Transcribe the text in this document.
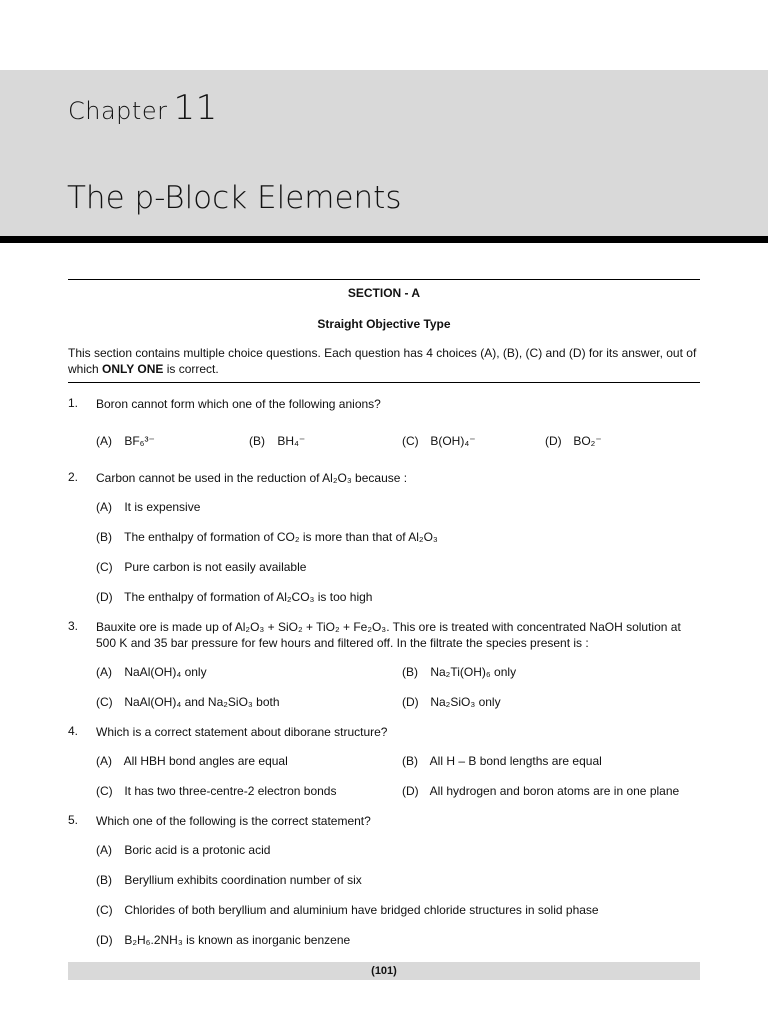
Chapter 11
The p-Block Elements
SECTION - A
Straight Objective Type
This section contains multiple choice questions. Each question has 4 choices (A), (B), (C) and (D) for its answer, out of which ONLY ONE is correct.
1. Boron cannot form which one of the following anions?
(A) BF₆³⁻	(B) BH₄⁻	(C) B(OH)₄⁻	(D) BO₂⁻
2. Carbon cannot be used in the reduction of Al₂O₃ because :
(A) It is expensive
(B) The enthalpy of formation of CO₂ is more than that of Al₂O₃
(C) Pure carbon is not easily available
(D) The enthalpy of formation of Al₂CO₃ is too high
3. Bauxite ore is made up of Al₂O₃ + SiO₂ + TiO₂ + Fe₂O₃. This ore is treated with concentrated NaOH solution at 500 K and 35 bar pressure for few hours and filtered off. In the filtrate the species present is :
(A) NaAl(OH)₄ only	(B) Na₂Ti(OH)₆ only
(C) NaAl(OH)₄ and Na₂SiO₃ both	(D) Na₂SiO₃ only
4. Which is a correct statement about diborane structure?
(A) All HBH bond angles are equal	(B) All H – B bond lengths are equal
(C) It has two three-centre-2 electron bonds	(D) All hydrogen and boron atoms are in one plane
5. Which one of the following is the correct statement?
(A) Boric acid is a protonic acid
(B) Beryllium exhibits coordination number of six
(C) Chlorides of both beryllium and aluminium have bridged chloride structures in solid phase
(D) B₂H₆.2NH₃ is known as inorganic benzene
(101)
